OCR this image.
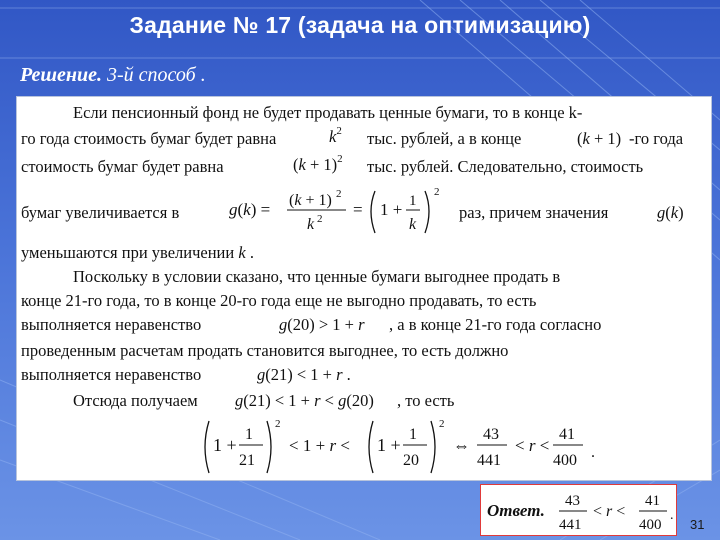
Задание № 17 (задача на оптимизацию)
Решение. 3-й способ .
Если пенсионный фонд не будет продавать ценные бумаги, то в конце k-
го года стоимость бумаг будет равна	$k^2$ тыс. рублей, а в конце	(k + 1) -го года
стоимость бумаг будет равна	$(k + 1)^2$ тыс. рублей. Следовательно, стоимость
бумаг увеличивается в	g(k) = (k + 1) 2
k 2 = 1 + 1
k
2
раз, причем значения	g(k)
уменьшаются при увеличении k .
Поскольку в условии сказано, что ценные бумаги выгоднее продать в
конце 21-го года, то в конце 20-го года еще не выгодно продавать, то есть
выполняется неравенство	g(20) > 1 + r , а в конце 21-го года согласно
проведенным расчетам продать становится выгоднее, то есть должно
выполняется неравенство	g(21) < 1 + r .
Отсюда получаем g(21) < 1 + r < g(20) , то есть
1 +
1
21
2
< 1 + r < 1 +
1
20
2
⇔
43
441
< r <
41
400 .
Ответ. 43
441
< r <
41
400
.
31
